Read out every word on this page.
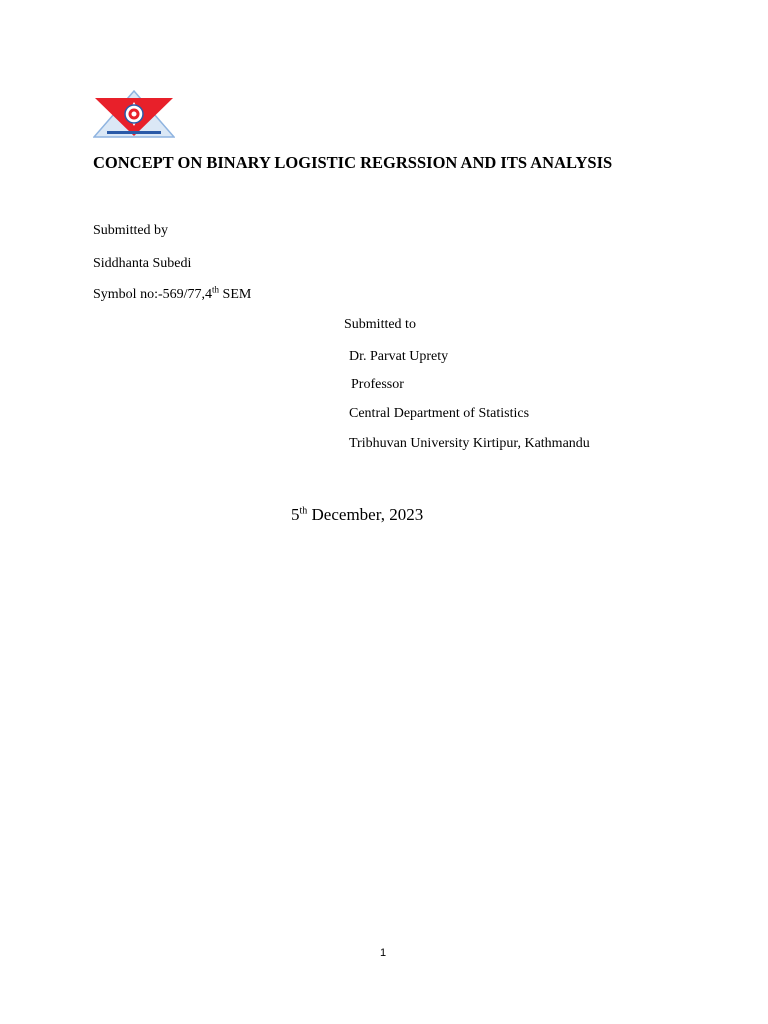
CONCEPT ON BINARY LOGISTIC REGRSSION AND ITS ANALYSIS
Submitted by
Siddhanta Subedi
Symbol no:-569/77,4th SEM
Submitted to
Dr. Parvat Uprety
Professor
Central Department of Statistics
Tribhuvan University Kirtipur, Kathmandu
5th December, 2023
1
